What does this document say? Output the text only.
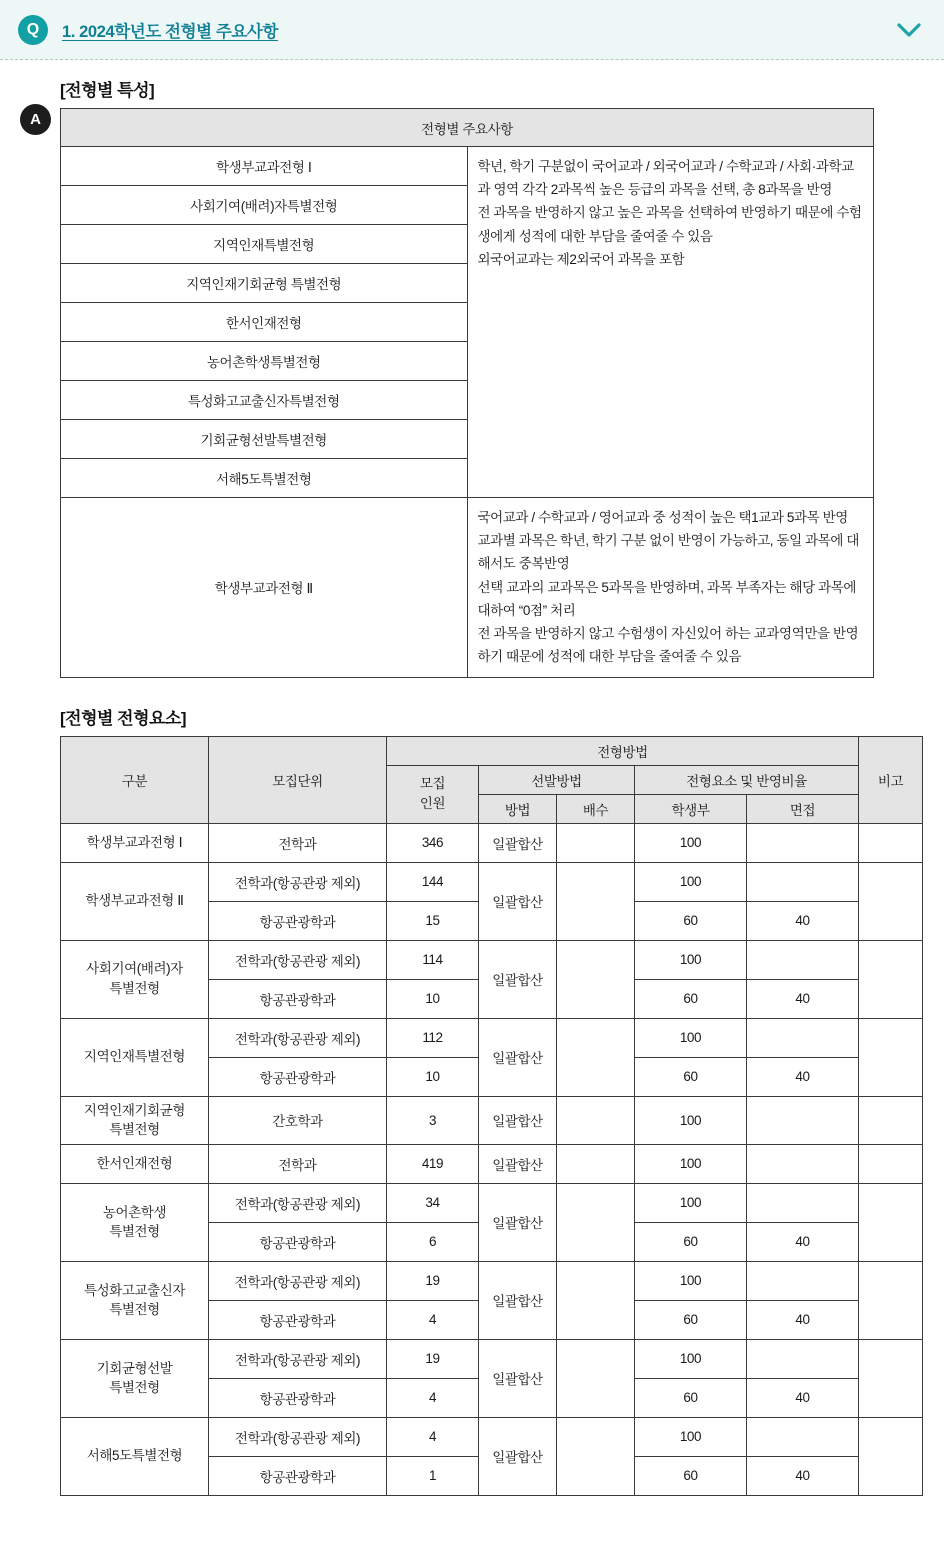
Q	1. 2024학년도 전형별 주요사항
A
[전형별 특성]
전형별 주요사항	
학생부교과전형 Ⅰ	학년, 학기 구분없이 국어교과 / 외국어교과 / 수학교과 / 사회·과학교과 영역 각각 2과목씩 높은 등급의 과목을 선택, 총 8과목을 반영

전 과목을 반영하지 않고 높은 과목을 선택하여 반영하기 때문에 수험생에게 성적에 대한 부담을 줄여줄 수 있음

외국어교과는 제2외국어 과목을 포함

사회기여(배려)자특별전형	
지역인재특별전형	
지역인재기회균형 특별전형	
한서인재전형	
농어촌학생특별전형	
특성화고교출신자특별전형	
기회균형선발특별전형	
서해5도특별전형	
학생부교과전형 Ⅱ	국어교과 / 수학교과 / 영어교과 중 성적이 높은 택1교과 5과목 반영

교과별 과목은 학년, 학기 구분 없이 반영이 가능하고, 동일 과목에 대해서도 중복반영

선택 교과의 교과목은 5과목을 반영하며, 과목 부족자는 해당 과목에 대하여 “0점” 처리

전 과목을 반영하지 않고 수험생이 자신있어 하는 교과영역만을 반영하기 때문에 성적에 대한 부담을 줄여줄 수 있음

[전형별 전형요소]
구분	모집단위	전형방법					비고
		모집
인원	선발방법		전형요소 및 반영비율		
			방법	배수	학생부	면접	
학생부교과전형 Ⅰ	전학과	346	일괄합산		100		
학생부교과전형 Ⅱ	전학과(항공관광 제외)	144	일괄합산		100		
	항공관광학과	15			60	40	
사회기여(배려)자
특별전형	전학과(항공관광 제외)	114	일괄합산		100		
	항공관광학과	10			60	40	
지역인재특별전형	전학과(항공관광 제외)	112	일괄합산		100		
	항공관광학과	10			60	40	
지역인재기회균형
특별전형	간호학과	3	일괄합산		100		
한서인재전형	전학과	419	일괄합산		100		
농어촌학생
특별전형	전학과(항공관광 제외)	34	일괄합산		100		
	항공관광학과	6			60	40	
특성화고교출신자
특별전형	전학과(항공관광 제외)	19	일괄합산		100		
	항공관광학과	4			60	40	
기회균형선발
특별전형	전학과(항공관광 제외)	19	일괄합산		100		
	항공관광학과	4			60	40	
서해5도특별전형	전학과(항공관광 제외)	4	일괄합산		100		
	항공관광학과	1			60	40	
